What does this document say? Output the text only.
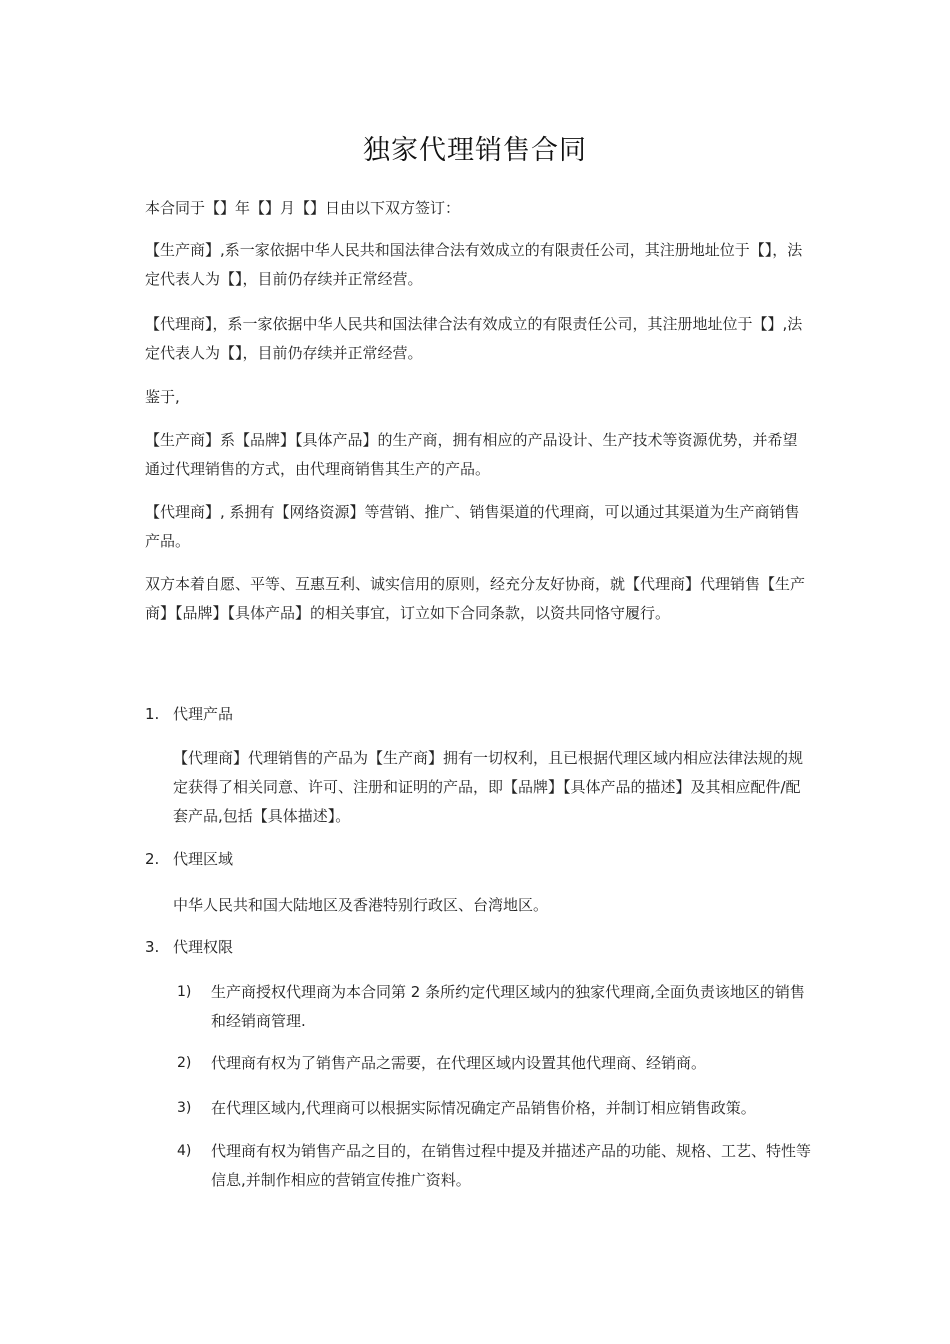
独家代理销售合同

本合同于【】年【】月【】日由以下双方签订：

【生产商】,系一家依据中华人民共和国法律合法有效成立的有限责任公司，其注册地址位于【】，法定代表人为【】，目前仍存续并正常经营。

【代理商】，系一家依据中华人民共和国法律合法有效成立的有限责任公司，其注册地址位于【】,法定代表人为【】，目前仍存续并正常经营。

鉴于,

【生产商】系【品牌】【具体产品】的生产商，拥有相应的产品设计、生产技术等资源优势，并希望通过代理销售的方式，由代理商销售其生产的产品。

【代理商】, 系拥有【网络资源】等营销、推广、销售渠道的代理商，可以通过其渠道为生产商销售产品。

双方本着自愿、平等、互惠互利、诚实信用的原则，经充分友好协商，就【代理商】代理销售【生产商】【品牌】【具体产品】的相关事宜，订立如下合同条款，以资共同恪守履行。

1. 代理产品

【代理商】代理销售的产品为【生产商】拥有一切权利，且已根据代理区域内相应法律法规的规定获得了相关同意、许可、注册和证明的产品，即【品牌】【具体产品的描述】及其相应配件/配套产品,包括【具体描述】。

2. 代理区域

中华人民共和国大陆地区及香港特别行政区、台湾地区。

3. 代理权限

1)	生产商授权代理商为本合同第 2 条所约定代理区域内的独家代理商,全面负责该地区的销售和经销商管理.
2)	代理商有权为了销售产品之需要，在代理区域内设置其他代理商、经销商。
3)	在代理区域内,代理商可以根据实际情况确定产品销售价格，并制订相应销售政策。
4)	代理商有权为销售产品之目的，在销售过程中提及并描述产品的功能、规格、工艺、特性等信息,并制作相应的营销宣传推广资料。
